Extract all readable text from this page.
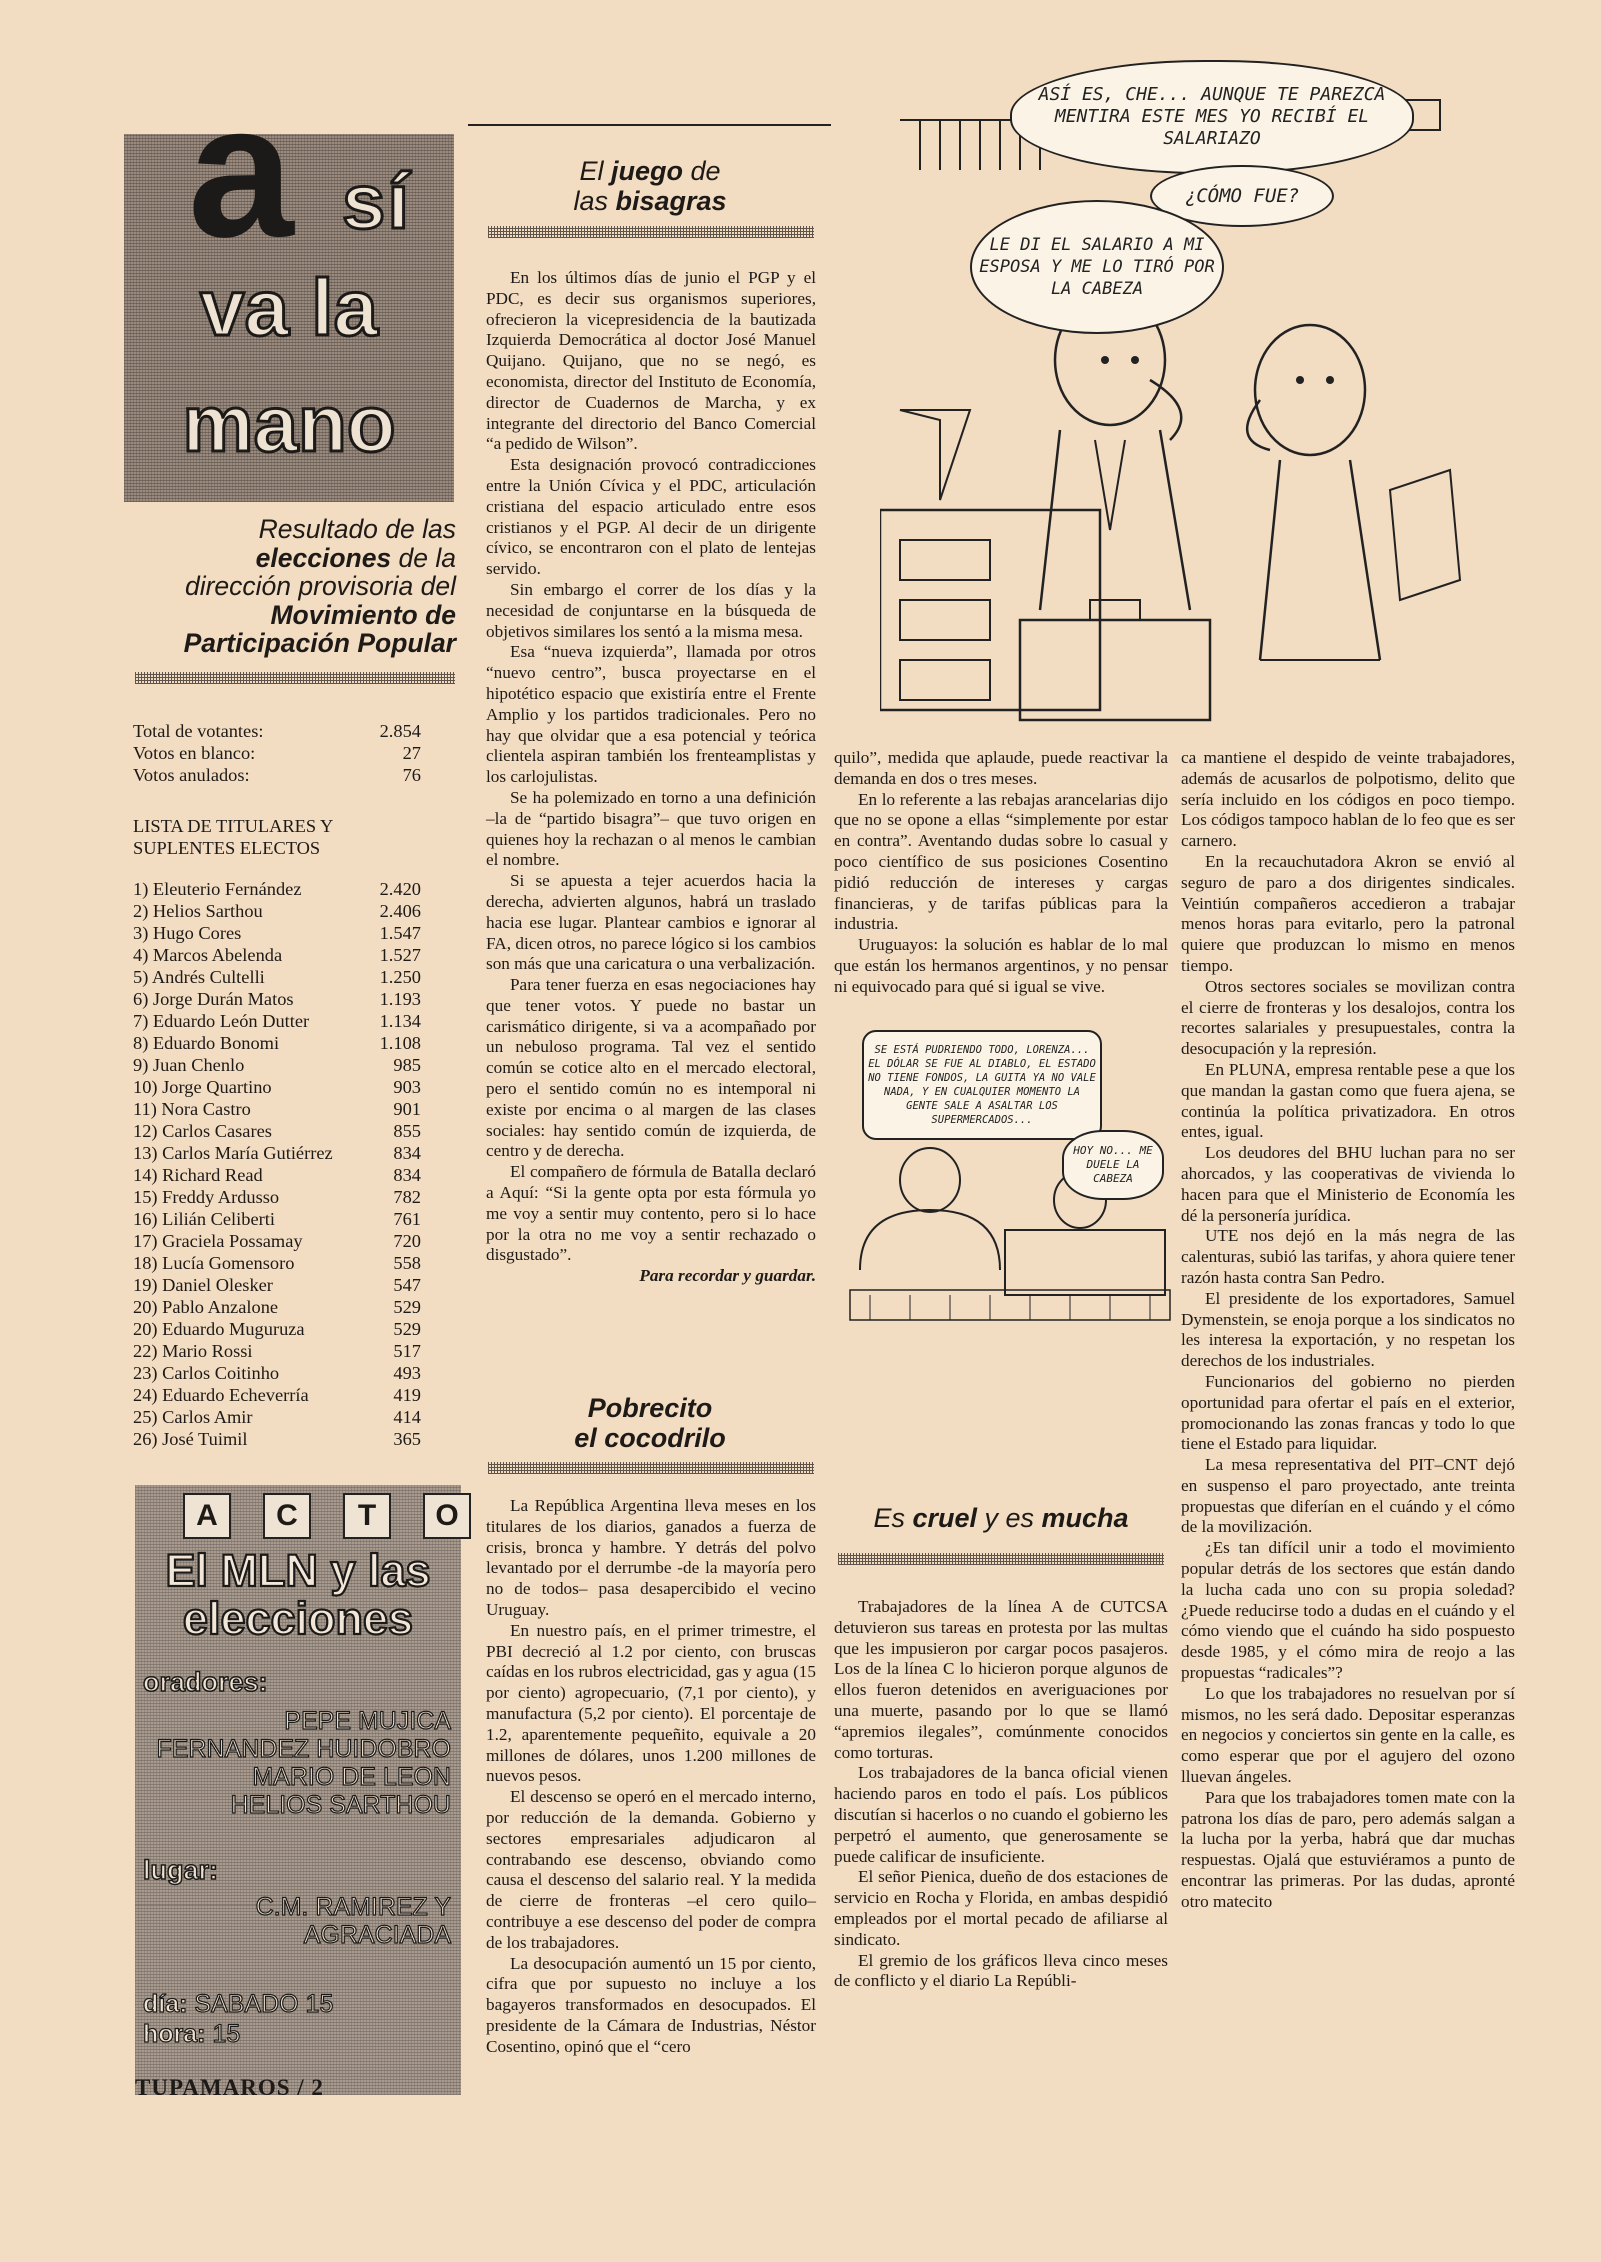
a sí
va la
mano
Resultado de las
elecciones de la
dirección provisoria del
Movimiento de
Participación Popular
Total de votantes:	2.854
Votos en blanco:	27
Votos anulados:	76
LISTA DE TITULARES Y
SUPLENTES ELECTOS
1) Eleuterio Fernández	2.420
2) Helios Sarthou	2.406
3) Hugo Cores	1.547
4) Marcos Abelenda	1.527
5) Andrés Cultelli	1.250
6) Jorge Durán Matos	1.193
7) Eduardo León Dutter	1.134
8) Eduardo Bonomi	1.108
9) Juan Chenlo	985
10) Jorge Quartino	903
11) Nora Castro	901
12) Carlos Casares	855
13) Carlos María Gutiérrez	834
14) Richard Read	834
15) Freddy Ardusso	782
16) Lilián Celiberti	761
17) Graciela Possamay	720
18) Lucía Gomensoro	558
19) Daniel Olesker	547
20) Pablo Anzalone	529
20) Eduardo Muguruza	529
22) Mario Rossi	517
23) Carlos Coitinho	493
24) Eduardo Echeverría	419
25) Carlos Amir	414
26) José Tuimil	365
A	C	T	O
El MLN y las
elecciones
oradores:
PEPE MUJICA
FERNANDEZ HUIDOBRO
MARIO DE LEON
HELIOS SARTHOU
lugar:
C.M. RAMIREZ Y
AGRACIADA
día: SABADO 15
hora: 15
TUPAMAROS / 2
El juego de
las bisagras

En los últimos días de junio el PGP y el PDC, es decir sus organismos superiores, ofrecieron la vicepresidencia de la bautizada Izquierda Democrática al doctor José Manuel Quijano. Quijano, que no se negó, es economista, director del Instituto de Economía, director de Cuadernos de Marcha, y ex integrante del directorio del Banco Comercial “a pedido de Wilson”.

Esta designación provocó contradicciones entre la Unión Cívica y el PDC, articulación cristiana del espacio articulado entre esos cristianos y el PGP. Al decir de un dirigente cívico, se encontraron con el plato de lentejas servido.

Sin embargo el correr de los días y la necesidad de conjuntarse en la búsqueda de objetivos similares los sentó a la misma mesa.

Esa “nueva izquierda”, llamada por otros “nuevo centro”, busca proyectarse en el hipotético espacio que existiría entre el Frente Amplio y los partidos tradicionales. Pero no hay que olvidar que a esa potencial y teórica clientela aspiran también los frenteamplistas y los carlojulistas.

Se ha polemizado en torno a una definición –la de “partido bisagra”– que tuvo origen en quienes hoy la rechazan o al menos le cambian el nombre.

Si se apuesta a tejer acuerdos hacia la derecha, advierten algunos, habrá un traslado hacia ese lugar. Plantear cambios e ignorar al FA, dicen otros, no parece lógico si los cambios son más que una caricatura o una verbalización.

Para tener fuerza en esas negociaciones hay que tener votos. Y puede no bastar un carismático dirigente, si va a acompañado por un nebuloso programa. Tal vez el sentido común se cotice alto en el mercado electoral, pero el sentido común no es intemporal ni existe por encima o al margen de las clases sociales: hay sentido común de izquierda, de centro y de derecha.

El compañero de fórmula de Batalla declaró a Aquí: “Si la gente opta por esta fórmula yo me voy a sentir muy contento, pero si lo hace por la otra no me voy a sentir rechazado o disgustado”.

Para recordar y guardar.
Pobrecito
el cocodrilo

La República Argentina lleva meses en los titulares de los diarios, ganados a fuerza de crisis, bronca y hambre. Y detrás del polvo levantado por el derrumbe -de la mayoría pero no de todos– pasa desapercibido el vecino Uruguay.

En nuestro país, en el primer trimestre, el PBI decreció al 1.2 por ciento, con bruscas caídas en los rubros electricidad, gas y agua (15 por ciento) agropecuario, (7,1 por ciento), y manufactura (5,2 por ciento). El porcentaje de 1.2, aparentemente pequeñito, equivale a 20 millones de dólares, unos 1.200 millones de nuevos pesos.

El descenso se operó en el mercado interno, por reducción de la demanda. Gobierno y sectores empresariales adjudicaron al contrabando ese descenso, obviando como causa el descenso del salario real. Y la medida de cierre de fronteras –el cero quilo– contribuye a ese descenso del poder de compra de los trabajadores.

La desocupación aumentó un 15 por ciento, cifra que por supuesto no incluye a los bagayeros transformados en desocupados. El presidente de la Cámara de Industrias, Néstor Cosentino, opinó que el “cero

ASÍ ES, CHE... AUNQUE TE PAREZCA MENTIRA ESTE MES YO RECIBÍ EL SALARIAZO
¿CÓMO FUE?
LE DI EL SALARIO A MI ESPOSA Y ME LO TIRÓ POR LA CABEZA
SE ESTÁ PUDRIENDO TODO, LORENZA... EL DÓLAR SE FUE AL DIABLO, EL ESTADO NO TIENE FONDOS, LA GUITA YA NO VALE NADA, Y EN CUALQUIER MOMENTO LA GENTE SALE A ASALTAR LOS SUPERMERCADOS...
HOY NO... ME DUELE LA CABEZA

quilo”, medida que aplaude, puede reactivar la demanda en dos o tres meses.

En lo referente a las rebajas arancelarias dijo que no se opone a ellas “simplemente por estar en contra”. Aventando dudas sobre lo casual y poco científico de sus posiciones Cosentino pidió reducción de intereses y cargas financieras, y de tarifas públicas para la industria.

Uruguayos: la solución es hablar de lo mal que están los hermanos argentinos, y no pensar ni equivocado para qué si igual se vive.

Es cruel y es mucha

Trabajadores de la línea A de CUTCSA detuvieron sus tareas en protesta por las multas que les impusieron por cargar pocos pasajeros. Los de la línea C lo hicieron porque algunos de ellos fueron detenidos en averiguaciones por una muerte, pasando por lo que se llamó “apremios ilegales”, comúnmente conocidos como torturas.

Los trabajadores de la banca oficial vienen haciendo paros en todo el país. Los públicos discutían si hacerlos o no cuando el gobierno les perpetró el aumento, que generosamente se puede calificar de insuficiente.

El señor Pienica, dueño de dos estaciones de servicio en Rocha y Florida, en ambas despidió empleados por el mortal pecado de afiliarse al sindicato.

El gremio de los gráficos lleva cinco meses de conflicto y el diario La Repúbli-

ca mantiene el despido de veinte trabajadores, además de acusarlos de polpotismo, delito que sería incluido en los códigos en poco tiempo. Los códigos tampoco hablan de lo feo que es ser carnero.

En la recauchutadora Akron se envió al seguro de paro a dos dirigentes sindicales. Veintiún compañeros accedieron a trabajar menos horas para evitarlo, pero la patronal quiere que produzcan lo mismo en menos tiempo.

Otros sectores sociales se movilizan contra el cierre de fronteras y los desalojos, contra los recortes salariales y presupuestales, contra la desocupación y la represión.

En PLUNA, empresa rentable pese a que los que mandan la gastan como que fuera ajena, se continúa la política privatizadora. En otros entes, igual.

Los deudores del BHU luchan para no ser ahorcados, y las cooperativas de vivienda lo hacen para que el Ministerio de Economía les dé la personería jurídica.

UTE nos dejó en la más negra de las calenturas, subió las tarifas, y ahora quiere tener razón hasta contra San Pedro.

El presidente de los exportadores, Samuel Dymenstein, se enoja porque a los sindicatos no les interesa la exportación, y no respetan los derechos de los industriales.

Funcionarios del gobierno no pierden oportunidad para ofertar el país en el exterior, promocionando las zonas francas y todo lo que tiene el Estado para liquidar.

La mesa representativa del PIT–CNT dejó en suspenso el paro proyectado, ante treinta propuestas que diferían en el cuándo y el cómo de la movilización.

¿Es tan difícil unir a todo el movimiento popular detrás de los sectores que están dando la lucha cada uno con su propia soledad? ¿Puede reducirse todo a dudas en el cuándo y el cómo viendo que el cuándo ha sido pospuesto desde 1985, y el cómo mira de reojo a las propuestas “radicales”?

Lo que los trabajadores no resuelvan por sí mismos, no les será dado. Depositar esperanzas en negocios y conciertos sin gente en la calle, es como esperar que por el agujero del ozono lluevan ángeles.

Para que los trabajadores tomen mate con la patrona los días de paro, pero además salgan a la lucha por la yerba, habrá que dar muchas respuestas. Ojalá que estuviéramos a punto de encontrar las primeras. Por las dudas, apronté otro matecito
